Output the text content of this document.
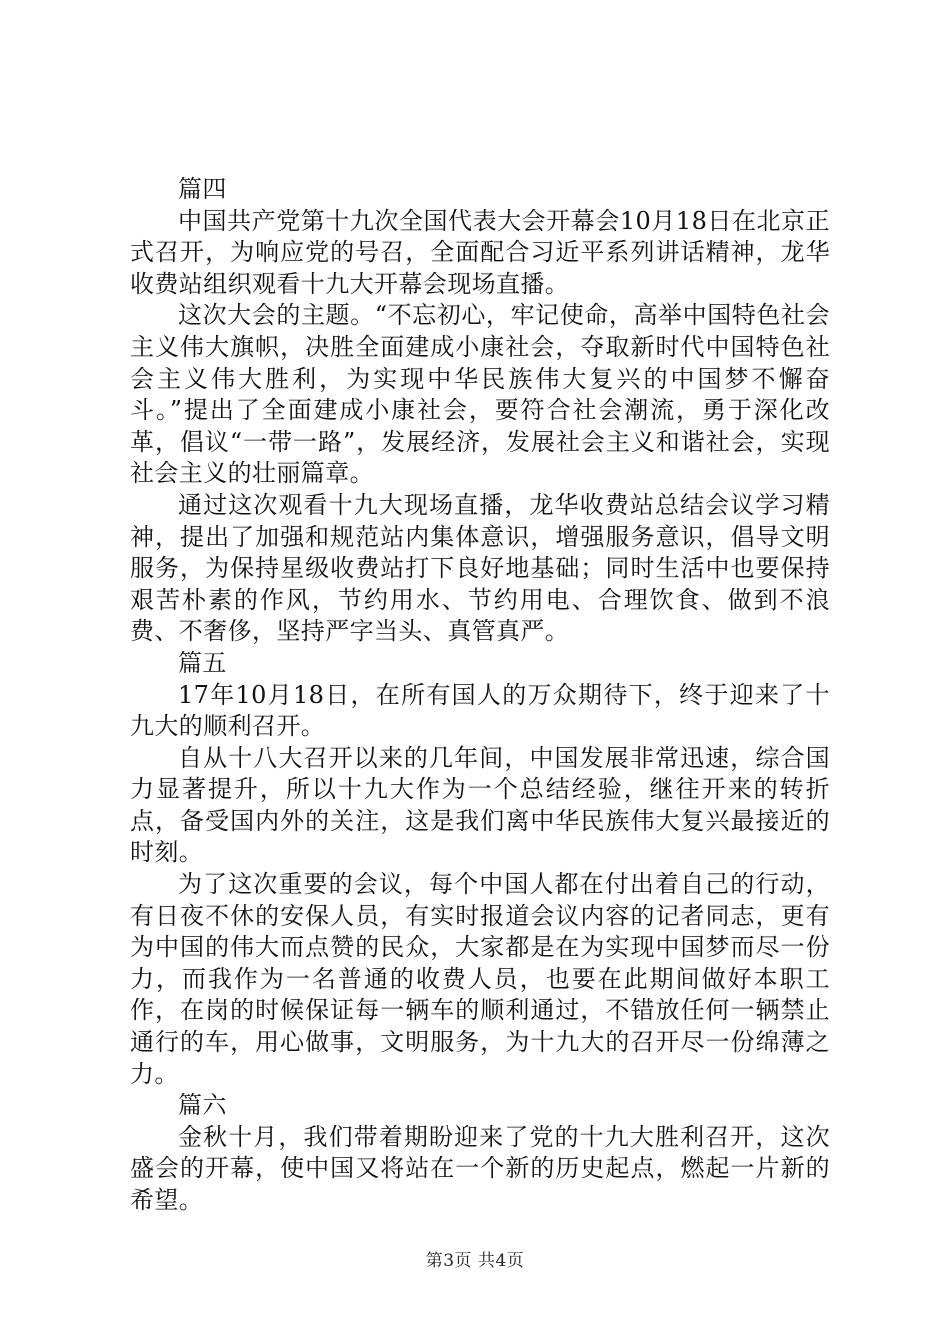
篇四

中国共产党第十九次全国代表大会开幕会10月18日在北京正式召开，为响应党的号召，全面配合习近平系列讲话精神，龙华收费站组织观看十九大开幕会现场直播。

这次大会的主题。“不忘初心，牢记使命，高举中国特色社会主义伟大旗帜，决胜全面建成小康社会，夺取新时代中国特色社会主义伟大胜利，为实现中华民族伟大复兴的中国梦不懈奋斗。”提出了全面建成小康社会，要符合社会潮流，勇于深化改革，倡议“一带一路”，发展经济，发展社会主义和谐社会，实现社会主义的壮丽篇章。

通过这次观看十九大现场直播，龙华收费站总结会议学习精神，提出了加强和规范站内集体意识，增强服务意识，倡导文明服务，为保持星级收费站打下良好地基础；同时生活中也要保持艰苦朴素的作风，节约用水、节约用电、合理饮食、做到不浪费、不奢侈，坚持严字当头、真管真严。

篇五

17年10月18日，在所有国人的万众期待下，终于迎来了十九大的顺利召开。

自从十八大召开以来的几年间，中国发展非常迅速，综合国力显著提升，所以十九大作为一个总结经验，继往开来的转折点，备受国内外的关注，这是我们离中华民族伟大复兴最接近的时刻。

为了这次重要的会议，每个中国人都在付出着自己的行动，有日夜不休的安保人员，有实时报道会议内容的记者同志，更有为中国的伟大而点赞的民众，大家都是在为实现中国梦而尽一份力，而我作为一名普通的收费人员，也要在此期间做好本职工作，在岗的时候保证每一辆车的顺利通过，不错放任何一辆禁止通行的车，用心做事，文明服务，为十九大的召开尽一份绵薄之力。

篇六

金秋十月，我们带着期盼迎来了党的十九大胜利召开，这次盛会的开幕，使中国又将站在一个新的历史起点，燃起一片新的希望。

第3页 共4页
